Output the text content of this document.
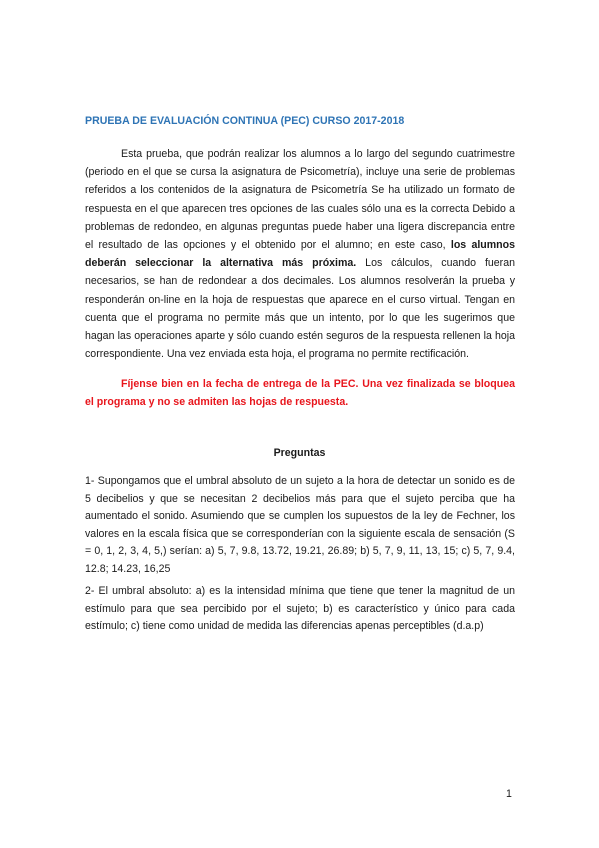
PRUEBA DE EVALUACIÓN CONTINUA (PEC) CURSO 2017-2018

Esta prueba, que podrán realizar los alumnos a lo largo del segundo cuatrimestre (periodo en el que se cursa la asignatura de Psicometría), incluye una serie de problemas referidos a los contenidos de la asignatura de Psicometría Se ha utilizado un formato de respuesta en el que aparecen tres opciones de las cuales sólo una es la correcta Debido a problemas de redondeo, en algunas preguntas puede haber una ligera discrepancia entre el resultado de las opciones y el obtenido por el alumno; en este caso, los alumnos deberán seleccionar la alternativa más próxima. Los cálculos, cuando fueran necesarios, se han de redondear a dos decimales. Los alumnos resolverán la prueba y responderán on-line en la hoja de respuestas que aparece en el curso virtual. Tengan en cuenta que el programa no permite más que un intento, por lo que les sugerimos que hagan las operaciones aparte y sólo cuando estén seguros de la respuesta rellenen la hoja correspondiente. Una vez enviada esta hoja, el programa no permite rectificación.

Fíjense bien en la fecha de entrega de la PEC. Una vez finalizada se bloquea el programa y no se admiten las hojas de respuesta.

Preguntas

1- Supongamos que el umbral absoluto de un sujeto a la hora de detectar un sonido es de 5 decibelios y que se necesitan 2 decibelios más para que el sujeto perciba que ha aumentado el sonido. Asumiendo que se cumplen los supuestos de la ley de Fechner, los valores en la escala física que se corresponderían con la siguiente escala de sensación (S = 0, 1, 2, 3, 4, 5,) serían: a) 5, 7, 9.8, 13.72, 19.21, 26.89; b) 5, 7, 9, 11, 13, 15; c) 5, 7, 9.4, 12.8; 14.23, 16,25

2- El umbral absoluto: a) es la intensidad mínima que tiene que tener la magnitud de un estímulo para que sea percibido por el sujeto; b) es característico y único para cada estímulo; c) tiene como unidad de medida las diferencias apenas perceptibles (d.a.p)

1
